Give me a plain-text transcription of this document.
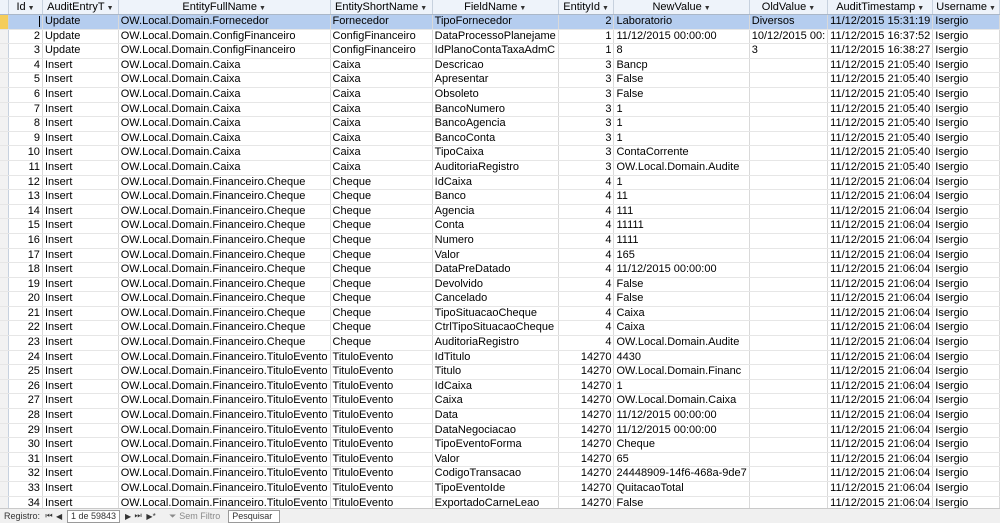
	Id ▼	AuditEntryT ▼	EntityFullName ▼	EntityShortName ▼	FieldName ▼	EntityId ▼	NewValue ▼	OldValue ▼	AuditTimestamp ▼	Username ▼
		Update	OW.Local.Domain.Fornecedor	Fornecedor	TipoFornecedor	2	Laboratorio	Diversos	11/12/2015 15:31:19	Isergio
	2	Update	OW.Local.Domain.ConfigFinanceiro	ConfigFinanceiro	DataProcessoPlanejame	1	11/12/2015 00:00:00	10/12/2015 00:	11/12/2015 16:37:52	Isergio
	3	Update	OW.Local.Domain.ConfigFinanceiro	ConfigFinanceiro	IdPlanoContaTaxaAdmC	1	8	3	11/12/2015 16:38:27	Isergio
	4	Insert	OW.Local.Domain.Caixa	Caixa	Descricao	3	Bancp		11/12/2015 21:05:40	Isergio
	5	Insert	OW.Local.Domain.Caixa	Caixa	Apresentar	3	False		11/12/2015 21:05:40	Isergio
	6	Insert	OW.Local.Domain.Caixa	Caixa	Obsoleto	3	False		11/12/2015 21:05:40	Isergio
	7	Insert	OW.Local.Domain.Caixa	Caixa	BancoNumero	3	1		11/12/2015 21:05:40	Isergio
	8	Insert	OW.Local.Domain.Caixa	Caixa	BancoAgencia	3	1		11/12/2015 21:05:40	Isergio
	9	Insert	OW.Local.Domain.Caixa	Caixa	BancoConta	3	1		11/12/2015 21:05:40	Isergio
	10	Insert	OW.Local.Domain.Caixa	Caixa	TipoCaixa	3	ContaCorrente		11/12/2015 21:05:40	Isergio
	11	Insert	OW.Local.Domain.Caixa	Caixa	AuditoriaRegistro	3	OW.Local.Domain.Audite		11/12/2015 21:05:40	Isergio
	12	Insert	OW.Local.Domain.Financeiro.Cheque	Cheque	IdCaixa	4	1		11/12/2015 21:06:04	Isergio
	13	Insert	OW.Local.Domain.Financeiro.Cheque	Cheque	Banco	4	11		11/12/2015 21:06:04	Isergio
	14	Insert	OW.Local.Domain.Financeiro.Cheque	Cheque	Agencia	4	111		11/12/2015 21:06:04	Isergio
	15	Insert	OW.Local.Domain.Financeiro.Cheque	Cheque	Conta	4	11111		11/12/2015 21:06:04	Isergio
	16	Insert	OW.Local.Domain.Financeiro.Cheque	Cheque	Numero	4	1111		11/12/2015 21:06:04	Isergio
	17	Insert	OW.Local.Domain.Financeiro.Cheque	Cheque	Valor	4	165		11/12/2015 21:06:04	Isergio
	18	Insert	OW.Local.Domain.Financeiro.Cheque	Cheque	DataPreDatado	4	11/12/2015 00:00:00		11/12/2015 21:06:04	Isergio
	19	Insert	OW.Local.Domain.Financeiro.Cheque	Cheque	Devolvido	4	False		11/12/2015 21:06:04	Isergio
	20	Insert	OW.Local.Domain.Financeiro.Cheque	Cheque	Cancelado	4	False		11/12/2015 21:06:04	Isergio
	21	Insert	OW.Local.Domain.Financeiro.Cheque	Cheque	TipoSituacaoCheque	4	Caixa		11/12/2015 21:06:04	Isergio
	22	Insert	OW.Local.Domain.Financeiro.Cheque	Cheque	CtrlTipoSituacaoCheque	4	Caixa		11/12/2015 21:06:04	Isergio
	23	Insert	OW.Local.Domain.Financeiro.Cheque	Cheque	AuditoriaRegistro	4	OW.Local.Domain.Audite		11/12/2015 21:06:04	Isergio
	24	Insert	OW.Local.Domain.Financeiro.TituloEvento	TituloEvento	IdTitulo	14270	4430		11/12/2015 21:06:04	Isergio
	25	Insert	OW.Local.Domain.Financeiro.TituloEvento	TituloEvento	Titulo	14270	OW.Local.Domain.Financ		11/12/2015 21:06:04	Isergio
	26	Insert	OW.Local.Domain.Financeiro.TituloEvento	TituloEvento	IdCaixa	14270	1		11/12/2015 21:06:04	Isergio
	27	Insert	OW.Local.Domain.Financeiro.TituloEvento	TituloEvento	Caixa	14270	OW.Local.Domain.Caixa		11/12/2015 21:06:04	Isergio
	28	Insert	OW.Local.Domain.Financeiro.TituloEvento	TituloEvento	Data	14270	11/12/2015 00:00:00		11/12/2015 21:06:04	Isergio
	29	Insert	OW.Local.Domain.Financeiro.TituloEvento	TituloEvento	DataNegociacao	14270	11/12/2015 00:00:00		11/12/2015 21:06:04	Isergio
	30	Insert	OW.Local.Domain.Financeiro.TituloEvento	TituloEvento	TipoEventoForma	14270	Cheque		11/12/2015 21:06:04	Isergio
	31	Insert	OW.Local.Domain.Financeiro.TituloEvento	TituloEvento	Valor	14270	65		11/12/2015 21:06:04	Isergio
	32	Insert	OW.Local.Domain.Financeiro.TituloEvento	TituloEvento	CodigoTransacao	14270	24448909-14f6-468a-9de7		11/12/2015 21:06:04	Isergio
	33	Insert	OW.Local.Domain.Financeiro.TituloEvento	TituloEvento	TipoEventoIde	14270	QuitacaoTotal		11/12/2015 21:06:04	Isergio
	34	Insert	OW.Local.Domain.Financeiro.TituloEvento	TituloEvento	ExportadoCarneLeao	14270	False		11/12/2015 21:06:04	Isergio
Registro: ⏮ ◀ 1 de 59843	▶ ⏭ ▶*	⏷ Sem Filtro	Pesquisar
